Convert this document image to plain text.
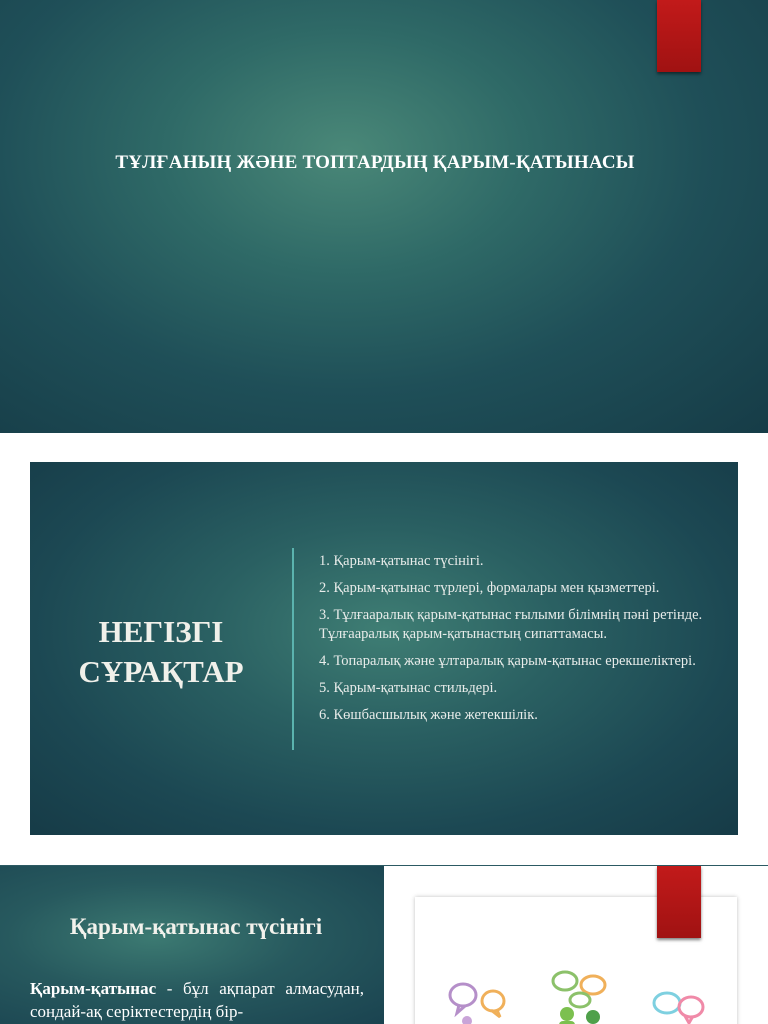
ТҰЛҒАНЫҢ ЖӘНЕ ТОПТАРДЫҢ ҚАРЫМ-ҚАТЫНАСЫ
НЕГІЗГІ СҰРАҚТАР
1. Қарым-қатынас түсінігі.
2. Қарым-қатынас түрлері, формалары мен қызметтері.
3. Тұлғааралық қарым-қатынас ғылыми білімнің пәні ретінде. Тұлғааралық қарым-қатынастың сипаттамасы.
4. Топаралық және ұлтаралық қарым-қатынас ерекшеліктері.
5. Қарым-қатынас стильдері.
6. Көшбасшылық және жетекшілік.
Қарым-қатынас түсінігі
Қарым-қатынас - бұл ақпарат алмасудан, сондай-ақ серіктестердің бір-
